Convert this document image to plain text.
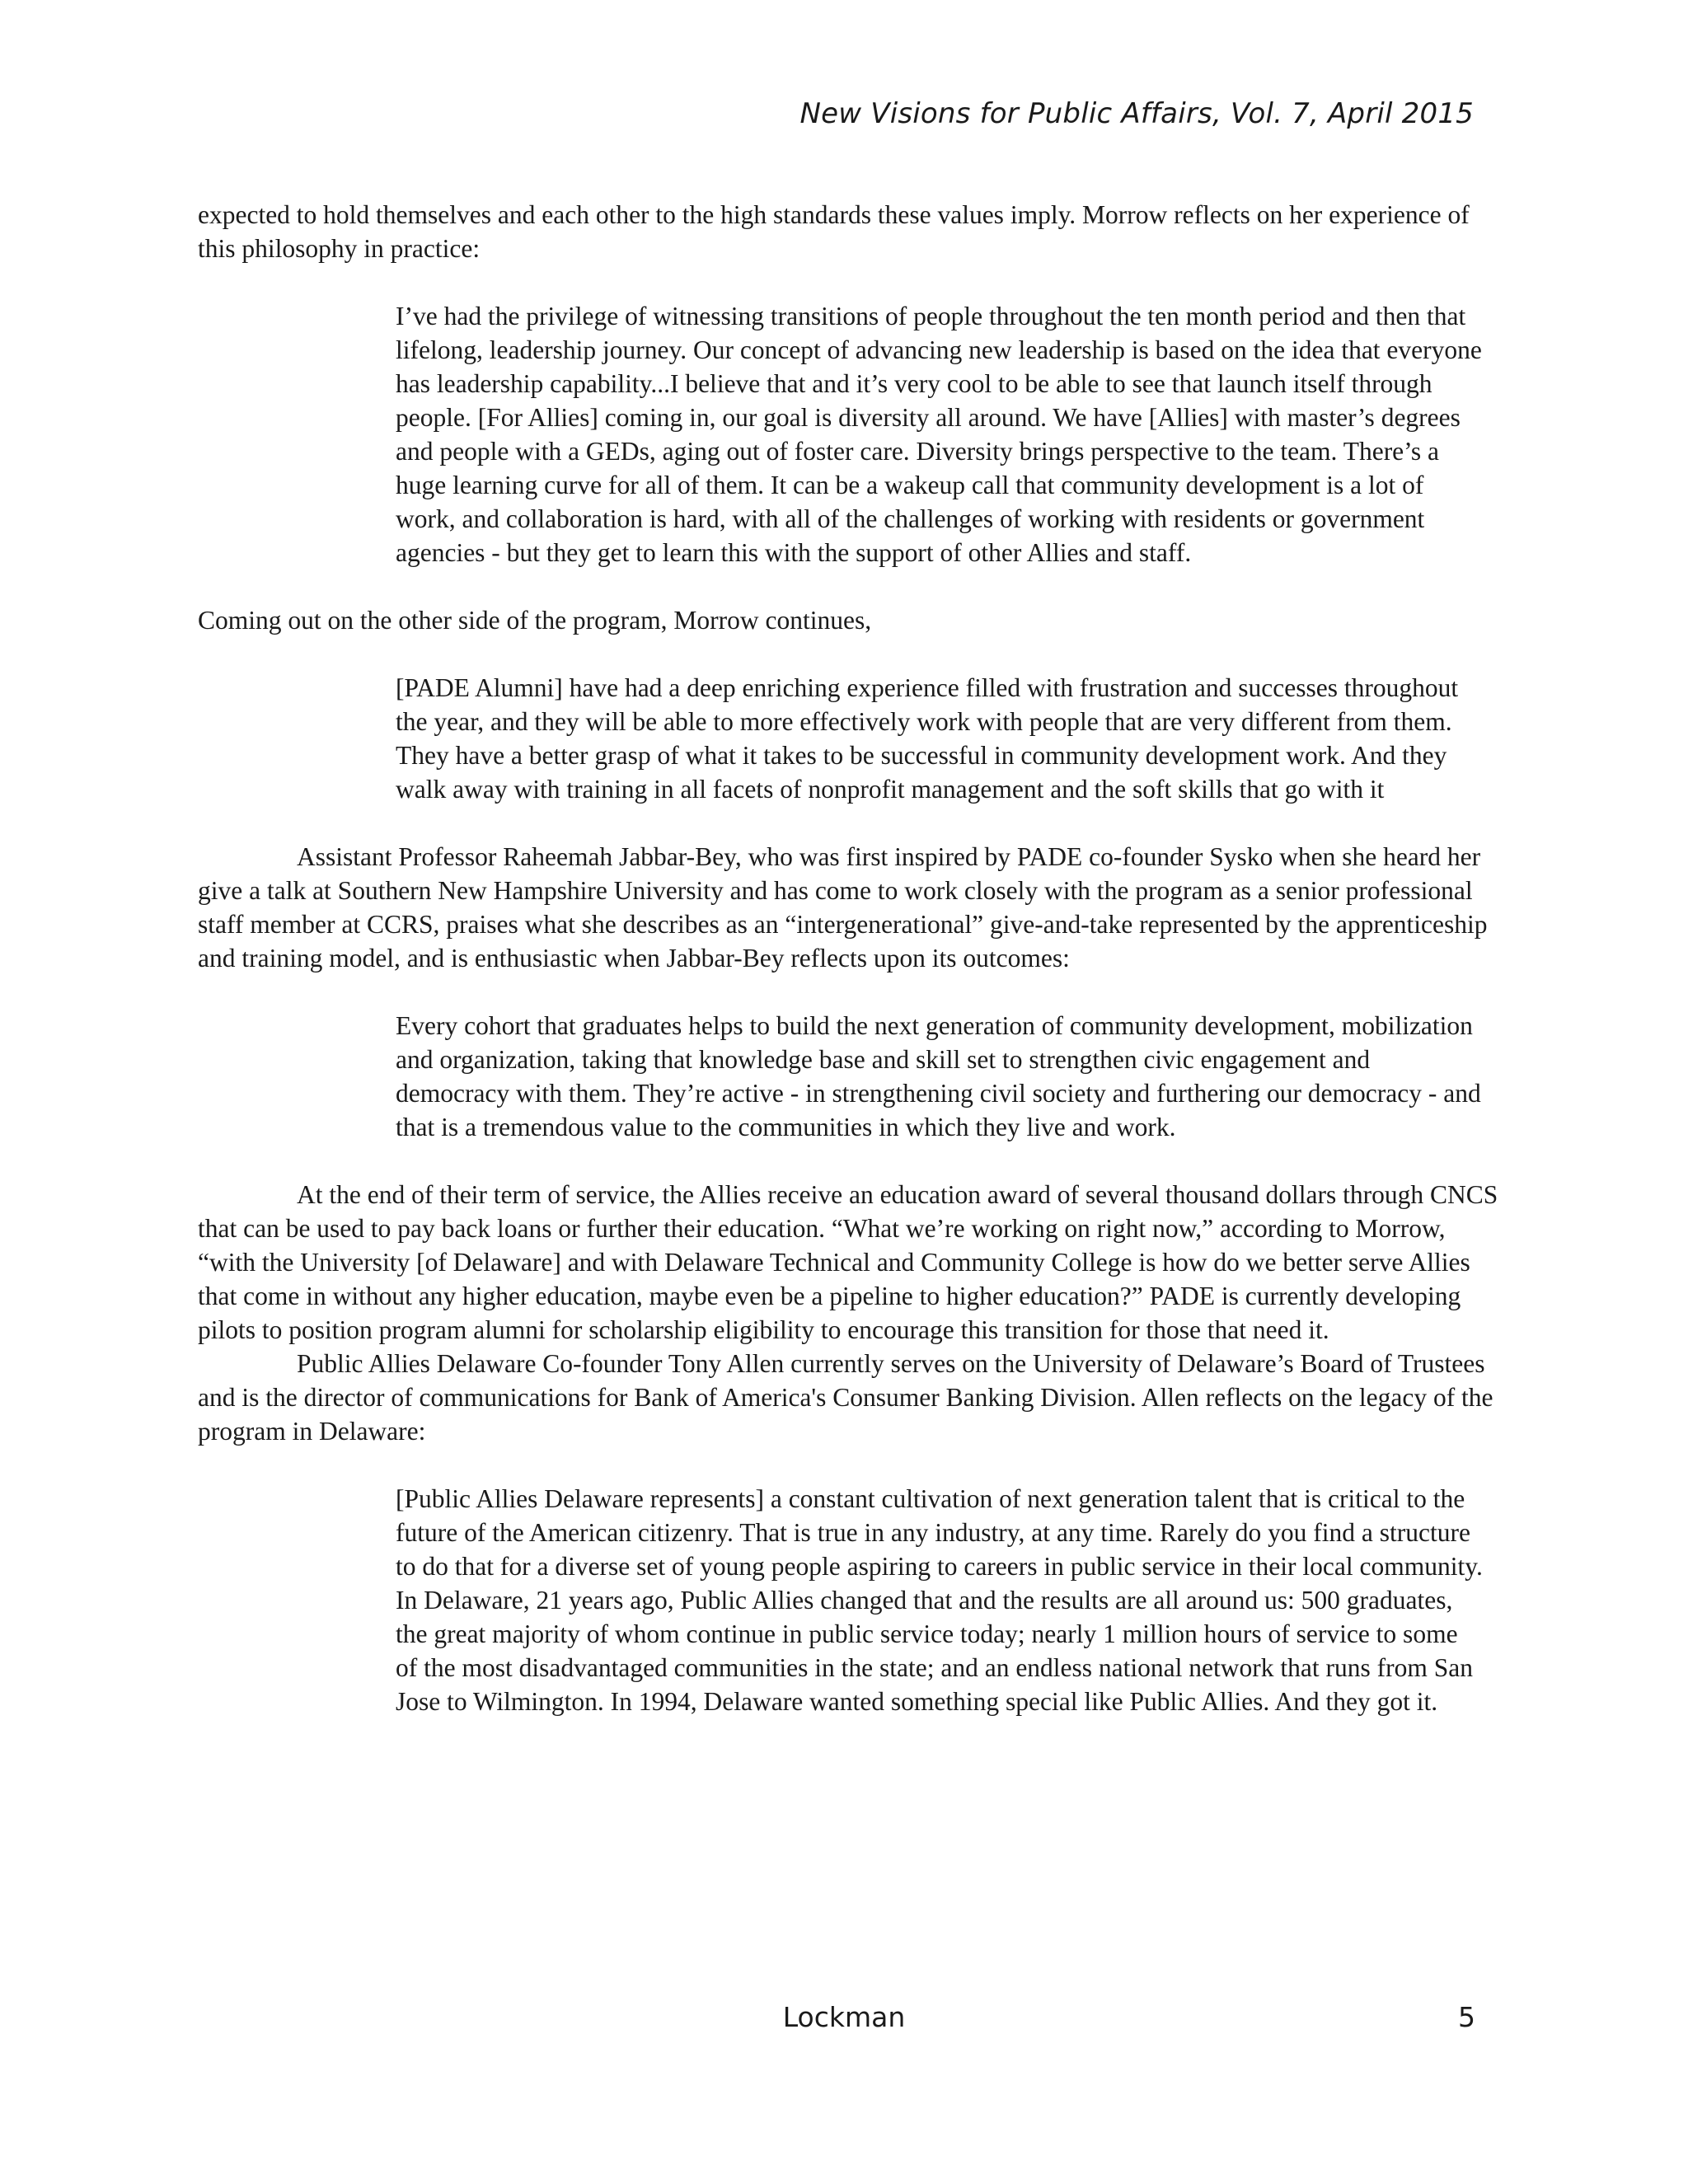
New Visions for Public Affairs, Vol. 7, April 2015

expected to hold themselves and each other to the high standards these values imply. Morrow reflects on her experience of this philosophy in practice:

I’ve had the privilege of witnessing transitions of people throughout the ten month period and then that lifelong, leadership journey. Our concept of advancing new leadership is based on the idea that everyone has leadership capability...I believe that and it’s very cool to be able to see that launch itself through people. [For Allies] coming in, our goal is diversity all around. We have [Allies] with master’s degrees and people with a GEDs, aging out of foster care. Diversity brings perspective to the team. There’s a huge learning curve for all of them. It can be a wakeup call that community development is a lot of work, and collaboration is hard, with all of the challenges of working with residents or government agencies - but they get to learn this with the support of other Allies and staff.

Coming out on the other side of the program, Morrow continues,

[PADE Alumni] have had a deep enriching experience filled with frustration and successes throughout the year, and they will be able to more effectively work with people that are very different from them. They have a better grasp of what it takes to be successful in community development work. And they walk away with training in all facets of nonprofit management and the soft skills that go with it

Assistant Professor Raheemah Jabbar-Bey, who was first inspired by PADE co-founder Sysko when she heard her give a talk at Southern New Hampshire University and has come to work closely with the program as a senior professional staff member at CCRS, praises what she describes as an “intergenerational” give-and-take represented by the apprenticeship and training model, and is enthusiastic when Jabbar-Bey reflects upon its outcomes:

Every cohort that graduates helps to build the next generation of community development, mobilization and organization, taking that knowledge base and skill set to strengthen civic engagement and democracy with them. They’re active - in strengthening civil society and furthering our democracy - and that is a tremendous value to the communities in which they live and work.

At the end of their term of service, the Allies receive an education award of several thousand dollars through CNCS that can be used to pay back loans or further their education. “What we’re working on right now,” according to Morrow, “with the University [of Delaware] and with Delaware Technical and Community College is how do we better serve Allies that come in without any higher education, maybe even be a pipeline to higher education?” PADE is currently developing pilots to position program alumni for scholarship eligibility to encourage this transition for those that need it.

Public Allies Delaware Co-founder Tony Allen currently serves on the University of Delaware’s Board of Trustees and is the director of communications for Bank of America's Consumer Banking Division. Allen reflects on the legacy of the program in Delaware:

[Public Allies Delaware represents] a constant cultivation of next generation talent that is critical to the future of the American citizenry. That is true in any industry, at any time. Rarely do you find a structure to do that for a diverse set of young people aspiring to careers in public service in their local community. In Delaware, 21 years ago, Public Allies changed that and the results are all around us: 500 graduates, the great majority of whom continue in public service today; nearly 1 million hours of service to some of the most disadvantaged communities in the state; and an endless national network that runs from San Jose to Wilmington. In 1994, Delaware wanted something special like Public Allies. And they got it.
Lockman	5
